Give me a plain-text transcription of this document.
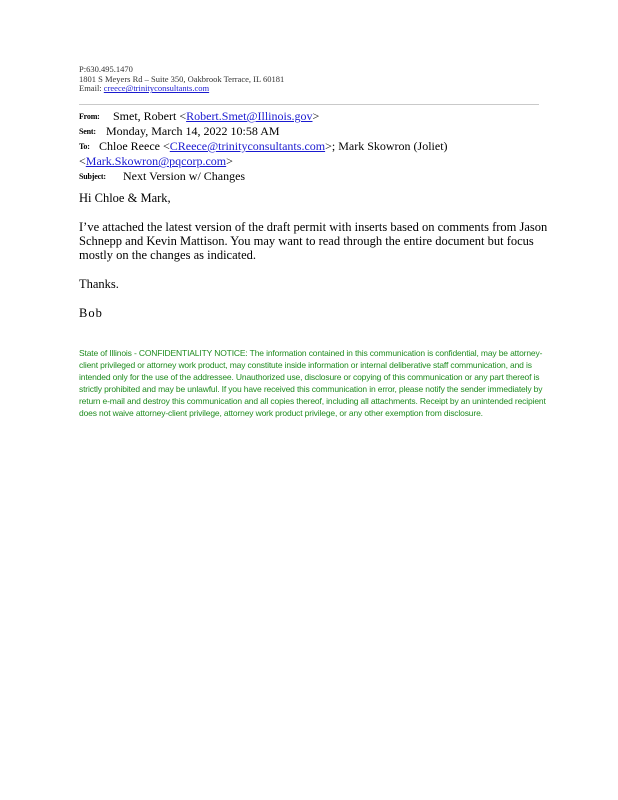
P:630.495.1470
1801 S Meyers Rd – Suite 350, Oakbrook Terrace, IL 60181
Email: creece@trinityconsultants.com
From: Smet, Robert <Robert.Smet@Illinois.gov>
Sent: Monday, March 14, 2022 10:58 AM
To: Chloe Reece <CReece@trinityconsultants.com>; Mark Skowron (Joliet)
<Mark.Skowron@pqcorp.com>
Subject: Next Version w/ Changes

Hi Chloe & Mark,

I’ve attached the latest version of the draft permit with inserts based on comments from Jason Schnepp and Kevin Mattison. You may want to read through the entire document but focus mostly on the changes as indicated.

Thanks.

Bob

State of Illinois - CONFIDENTIALITY NOTICE: The information contained in this communication is confidential, may be attorney-client privileged or attorney work product, may constitute inside information or internal deliberative staff communication, and is intended only for the use of the addressee. Unauthorized use, disclosure or copying of this communication or any part thereof is strictly prohibited and may be unlawful. If you have received this communication in error, please notify the sender immediately by return e-mail and destroy this communication and all copies thereof, including all attachments. Receipt by an unintended recipient does not waive attorney-client privilege, attorney work product privilege, or any other exemption from disclosure.
